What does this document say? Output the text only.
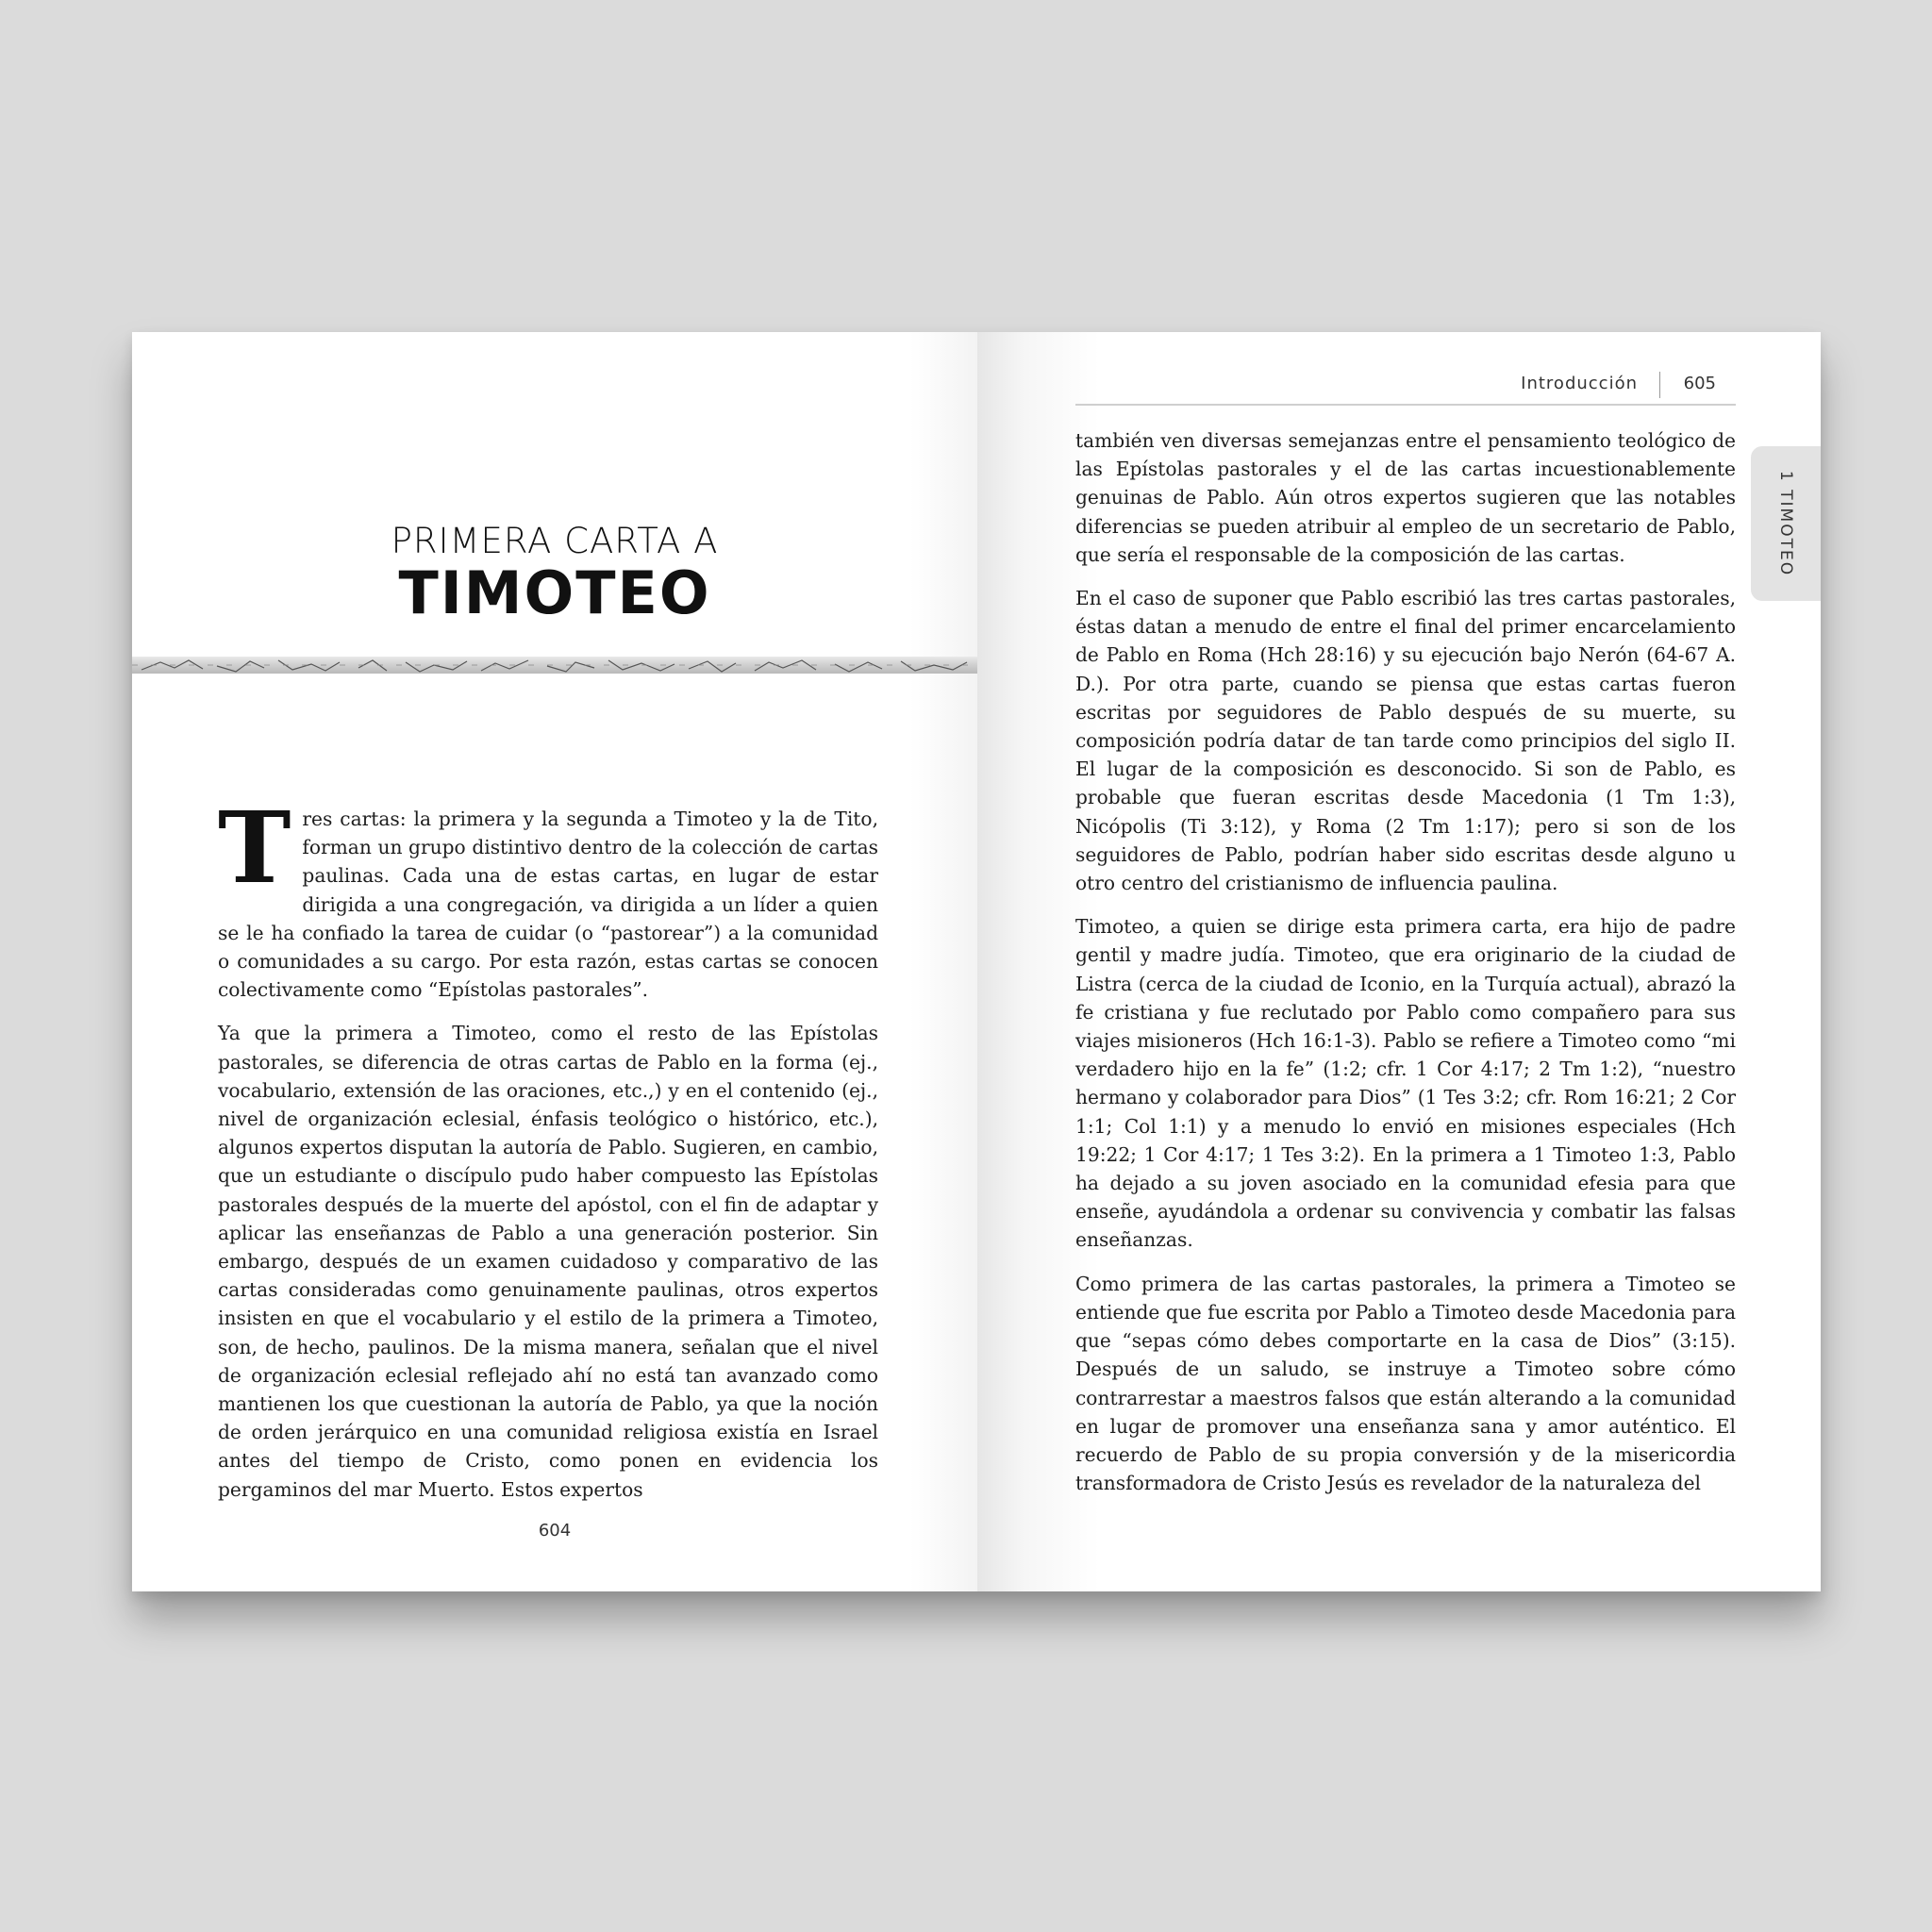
PRIMERA CARTA A
TIMOTEO

Tres cartas: la primera y la segunda a Timoteo y la de Tito, forman un grupo distintivo dentro de la colección de cartas paulinas. Cada una de estas cartas, en lugar de estar dirigida a una congregación, va dirigida a un líder a quien se le ha confiado la tarea de cuidar (o “pastorear”) a la comunidad o comunidades a su cargo. Por esta razón, estas cartas se conocen colectivamente como “Epístolas pastorales”.

Ya que la primera a Timoteo, como el resto de las Epístolas pastorales, se diferencia de otras cartas de Pablo en la forma (ej., vocabulario, extensión de las oraciones, etc.,) y en el contenido (ej., nivel de organización eclesial, énfasis teológico o histórico, etc.), algunos expertos disputan la autoría de Pablo. Sugieren, en cambio, que un estudiante o discípulo pudo haber compuesto las Epístolas pastorales después de la muerte del apóstol, con el fin de adaptar y aplicar las enseñanzas de Pablo a una generación posterior. Sin embargo, después de un examen cuidadoso y comparativo de las cartas consideradas como genuinamente paulinas, otros expertos insisten en que el vocabulario y el estilo de la primera a Timoteo, son, de hecho, paulinos. De la misma manera, señalan que el nivel de organización eclesial reflejado ahí no está tan avanzado como mantienen los que cuestionan la autoría de Pablo, ya que la noción de orden jerárquico en una comunidad religiosa existía en Israel antes del tiempo de Cristo, como ponen en evidencia los pergaminos del mar Muerto. Estos expertos

604
Introducción	605
1 TIMOTEO

también ven diversas semejanzas entre el pensamiento teológico de las Epístolas pastorales y el de las cartas incuestionablemente genuinas de Pablo. Aún otros expertos sugieren que las notables diferencias se pueden atribuir al empleo de un secretario de Pablo, que sería el responsable de la composición de las cartas.

En el caso de suponer que Pablo escribió las tres cartas pastorales, éstas datan a menudo de entre el final del primer encarcelamiento de Pablo en Roma (Hch 28:16) y su ejecución bajo Nerón (64-67 A. D.). Por otra parte, cuando se piensa que estas cartas fueron escritas por seguidores de Pablo después de su muerte, su composición podría datar de tan tarde como principios del siglo II. El lugar de la composición es desconocido. Si son de Pablo, es probable que fueran escritas desde Macedonia (1 Tm 1:3), Nicópolis (Ti 3:12), y Roma (2 Tm 1:17); pero si son de los seguidores de Pablo, podrían haber sido escritas desde alguno u otro centro del cristianismo de influencia paulina.

Timoteo, a quien se dirige esta primera carta, era hijo de padre gentil y madre judía. Timoteo, que era originario de la ciudad de Listra (cerca de la ciudad de Iconio, en la Turquía actual), abrazó la fe cristiana y fue reclutado por Pablo como compañero para sus viajes misioneros (Hch 16:1-3). Pablo se refiere a Timoteo como “mi verdadero hijo en la fe” (1:2; cfr. 1 Cor 4:17; 2 Tm 1:2), “nuestro hermano y colaborador para Dios” (1 Tes 3:2; cfr. Rom 16:21; 2 Cor 1:1; Col 1:1) y a menudo lo envió en misiones especiales (Hch 19:22; 1 Cor 4:17; 1 Tes 3:2). En la primera a 1 Timoteo 1:3, Pablo ha dejado a su joven asociado en la comunidad efesia para que enseñe, ayudándola a ordenar su convivencia y combatir las falsas enseñanzas.

Como primera de las cartas pastorales, la primera a Timoteo se entiende que fue escrita por Pablo a Timoteo desde Macedonia para que “sepas cómo debes comportarte en la casa de Dios” (3:15). Después de un saludo, se instruye a Timoteo sobre cómo contrarrestar a maestros falsos que están alterando a la comunidad en lugar de promover una enseñanza sana y amor auténtico. El recuerdo de Pablo de su propia conversión y de la misericordia transformadora de Cristo Jesús es revelador de la naturaleza del
